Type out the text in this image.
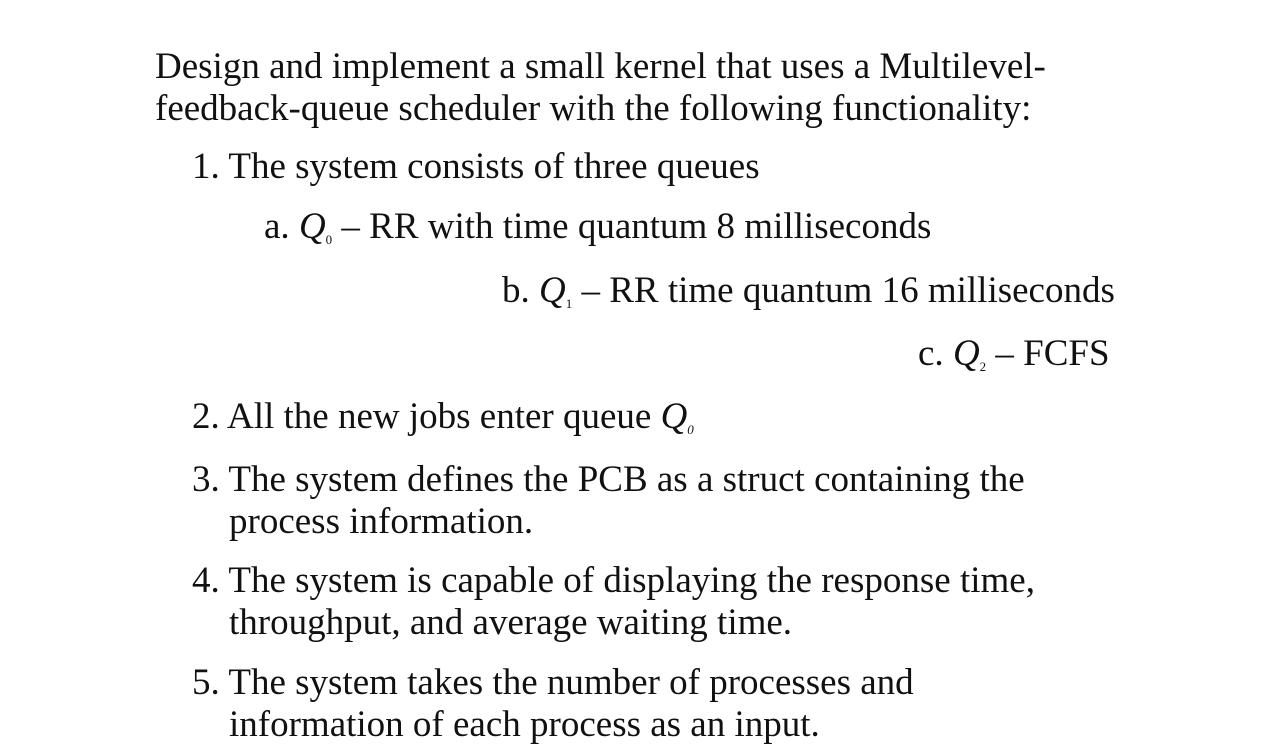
Design and implement a small kernel that uses a Multilevel-

feedback-queue scheduler with the following functionality:

1. The system consists of three queues

a. $Q_0$ – RR with time quantum 8 milliseconds

b. $Q_1$ – RR time quantum 16 milliseconds

c. $Q_2$ – FCFS

2. All the new jobs enter queue $Q_0$

3. The system defines the PCB as a struct containing the

process information.

4. The system is capable of displaying the response time,

throughput, and average waiting time.

5. The system takes the number of processes and

information of each process as an input.
